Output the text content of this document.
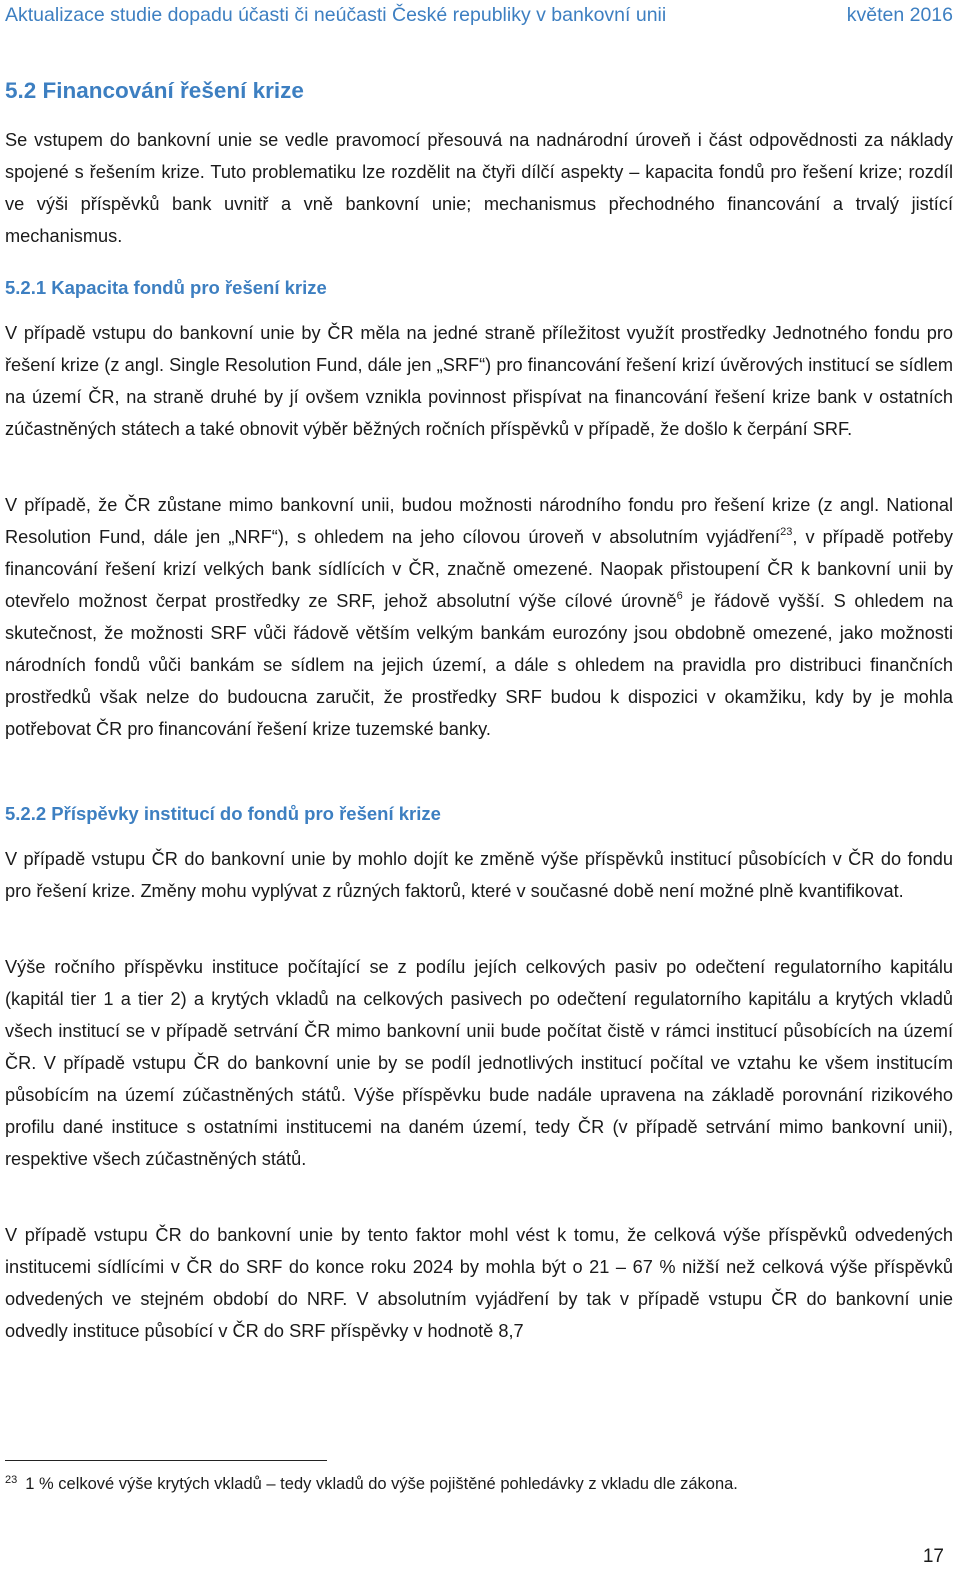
Aktualizace studie dopadu účasti či neúčasti České republiky v bankovní unii	květen 2016
5.2 Financování řešení krize

Se vstupem do bankovní unie se vedle pravomocí přesouvá na nadnárodní úroveň i část odpovědnosti za náklady spojené s řešením krize. Tuto problematiku lze rozdělit na čtyři dílčí aspekty – kapacita fondů pro řešení krize; rozdíl ve výši příspěvků bank uvnitř a vně bankovní unie; mechanismus přechodného financování a trvalý jistící mechanismus.

5.2.1 Kapacita fondů pro řešení krize

V případě vstupu do bankovní unie by ČR měla na jedné straně příležitost využít prostředky Jednotného fondu pro řešení krize (z angl. Single Resolution Fund, dále jen „SRF“) pro financování řešení krizí úvěrových institucí se sídlem na území ČR, na straně druhé by jí ovšem vznikla povinnost přispívat na financování řešení krize bank v ostatních zúčastněných státech a také obnovit výběr běžných ročních příspěvků v případě, že došlo k čerpání SRF.

V případě, že ČR zůstane mimo bankovní unii, budou možnosti národního fondu pro řešení krize (z angl. National Resolution Fund, dále jen „NRF“), s ohledem na jeho cílovou úroveň v absolutním vyjádření$^{23}$, v případě potřeby financování řešení krizí velkých bank sídlících v ČR, značně omezené. Naopak přistoupení ČR k bankovní unii by otevřelo možnost čerpat prostředky ze SRF, jehož absolutní výše cílové úrovně$^6$ je řádově vyšší. S ohledem na skutečnost, že možnosti SRF vůči řádově větším velkým bankám eurozóny jsou obdobně omezené, jako možnosti národních fondů vůči bankám se sídlem na jejich území, a dále s ohledem na pravidla pro distribuci finančních prostředků však nelze do budoucna zaručit, že prostředky SRF budou k dispozici v okamžiku, kdy by je mohla potřebovat ČR pro financování řešení krize tuzemské banky.

5.2.2 Příspěvky institucí do fondů pro řešení krize

V případě vstupu ČR do bankovní unie by mohlo dojít ke změně výše příspěvků institucí působících v ČR do fondu pro řešení krize. Změny mohu vyplývat z různých faktorů, které v současné době není možné plně kvantifikovat.

Výše ročního příspěvku instituce počítající se z podílu jejích celkových pasiv po odečtení regulatorního kapitálu (kapitál tier 1 a tier 2) a krytých vkladů na celkových pasivech po odečtení regulatorního kapitálu a krytých vkladů všech institucí se v případě setrvání ČR mimo bankovní unii bude počítat čistě v rámci institucí působících na území ČR. V případě vstupu ČR do bankovní unie by se podíl jednotlivých institucí počítal ve vztahu ke všem institucím působícím na území zúčastněných států. Výše příspěvku bude nadále upravena na základě porovnání rizikového profilu dané instituce s ostatními institucemi na daném území, tedy ČR (v případě setrvání mimo bankovní unii), respektive všech zúčastněných států.

V případě vstupu ČR do bankovní unie by tento faktor mohl vést k tomu, že celková výše příspěvků odvedených institucemi sídlícími v ČR do SRF do konce roku 2024 by mohla být o 21 – 67 % nižší než celková výše příspěvků odvedených ve stejném období do NRF. V absolutním vyjádření by tak v případě vstupu ČR do bankovní unie odvedly instituce působící v ČR do SRF příspěvky v hodnotě 8,7

$^{23}$ 1 % celkové výše krytých vkladů – tedy vkladů do výše pojištěné pohledávky z vkladu dle zákona.
17
